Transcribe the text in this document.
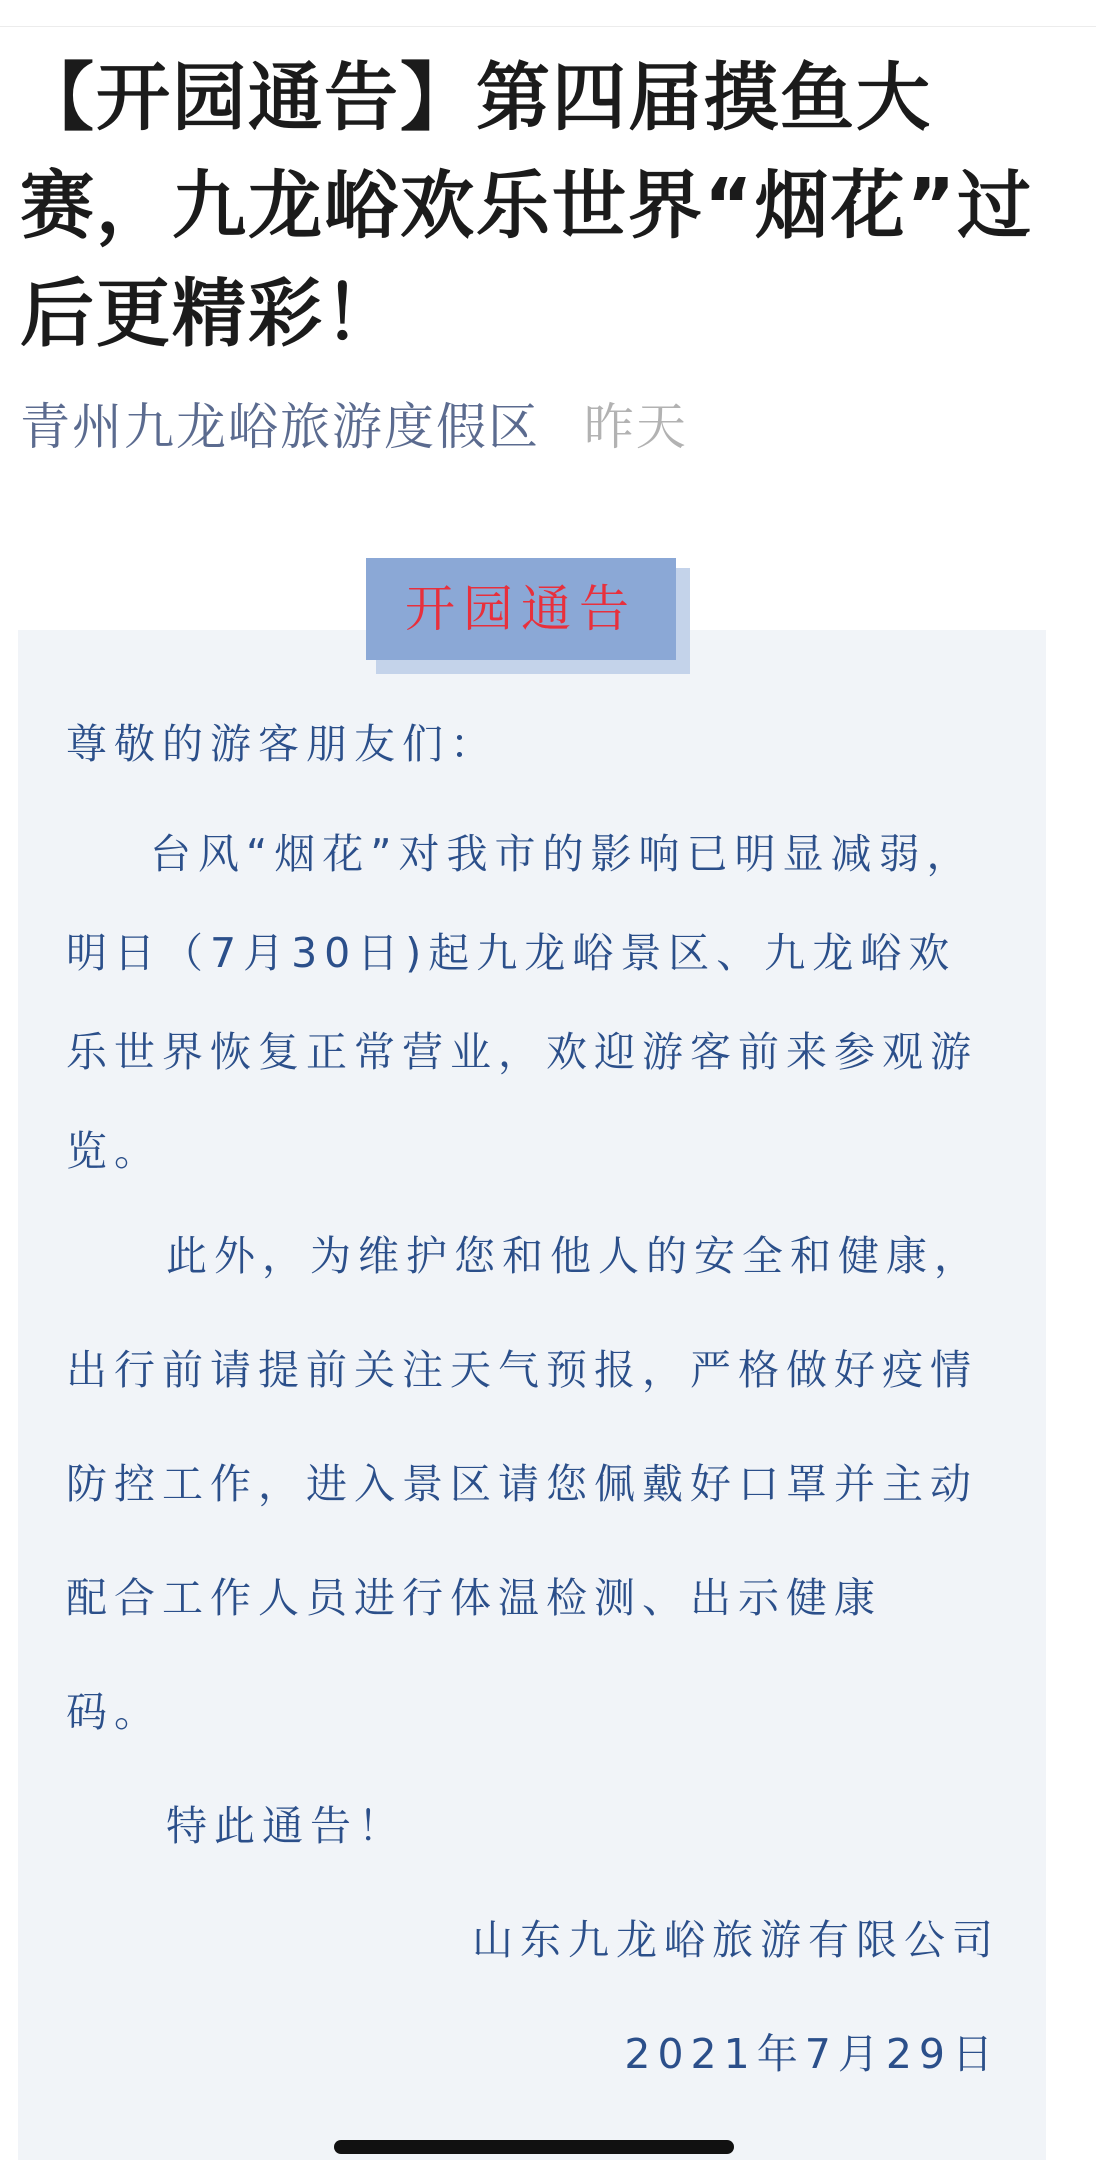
【开园通告】第四届摸鱼大赛，九龙峪欢乐世界“烟花”过后更精彩！
青州九龙峪旅游度假区 昨天
开园通告

尊敬的游客朋友们：

台风“烟花”对我市的影响已明显减弱，

明日（7月30日)起九龙峪景区、九龙峪欢

乐世界恢复正常营业，欢迎游客前来参观游

览。

此外，为维护您和他人的安全和健康，

出行前请提前关注天气预报，严格做好疫情

防控工作，进入景区请您佩戴好口罩并主动

配合工作人员进行体温检测、出示健康

码。

特此通告！

山东九龙峪旅游有限公司

2021年7月29日
